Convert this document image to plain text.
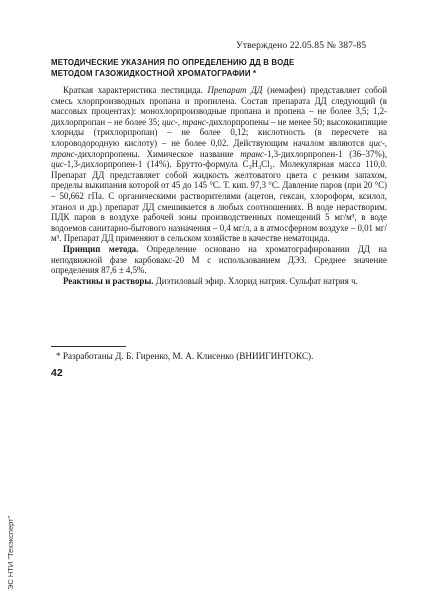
Утверждено 22.05.85 № 387-85
МЕТОДИЧЕСКИЕ УКАЗАНИЯ ПО ОПРЕДЕЛЕНИЮ ДД В ВОДЕ
МЕТОДОМ ГАЗОЖИДКОСТНОЙ ХРОМАТОГРАФИИ *

Краткая характеристика пестицида. Препарат ДД (немафен) представляет собой смесь хлорпроизводных пропана и пропилена. Состав препарата ДД следующий (в массовых процентах): монохлорпроизводные пропана и пропена – не более 3,5; 1,2-дихлорпропан – не более 35; цис-, транс-дихлорпропены – не менее 50; высококипящие хлориды (трихлорпропан) – не более 0,12; кислотность (в пересчете на хлороводородную кислоту) – не более 0,02. Действующим началом являются цис-, транс-дихлорпропены. Химическое название транс-1,3-дихлорпропен-1 (36–37%), цис-1,3-дихлорпропен-1 (14%). Брутто-формула C₃H₄Cl₂. Молекулярная масса 110,0. Препарат ДД представляет собой жидкость желтоватого цвета с резким запахом, пределы выкипания которой от 45 до 145 °С. Т. кип. 97,3 °С. Давление паров (при 20 °С) – 50,662 гПа. С органическими растворителями (ацетон, гексан, хлороформ, ксилол, этанол и др.) препарат ДД смешивается в любых соотношениях. В воде нерастворим. ПДК паров в воздухе рабочей зоны производственных помещений 5 мг/м³, в воде водоемов санитарно-бытового назначения – 0,4 мг/л, а в атмосферном воздухе – 0,01 мг/м³. Препарат ДД применяют в сельском хозяйстве в качестве нематоцида.

Принцип метода. Определение основано на хроматографировании ДД на неподвижной фазе карбовакс-20 М с использованием ДЭЗ. Среднее значение определения 87,6 ± 4,5%.

Реактивы и растворы. Диэтиловый эфир. Хлорид натрия. Сульфат натрия ч.

* Разработаны Д. Б. Гиренко, М. А. Клисенко (ВНИИГИНТОКС).
42
ЭС НТИ "Техэксперт"
